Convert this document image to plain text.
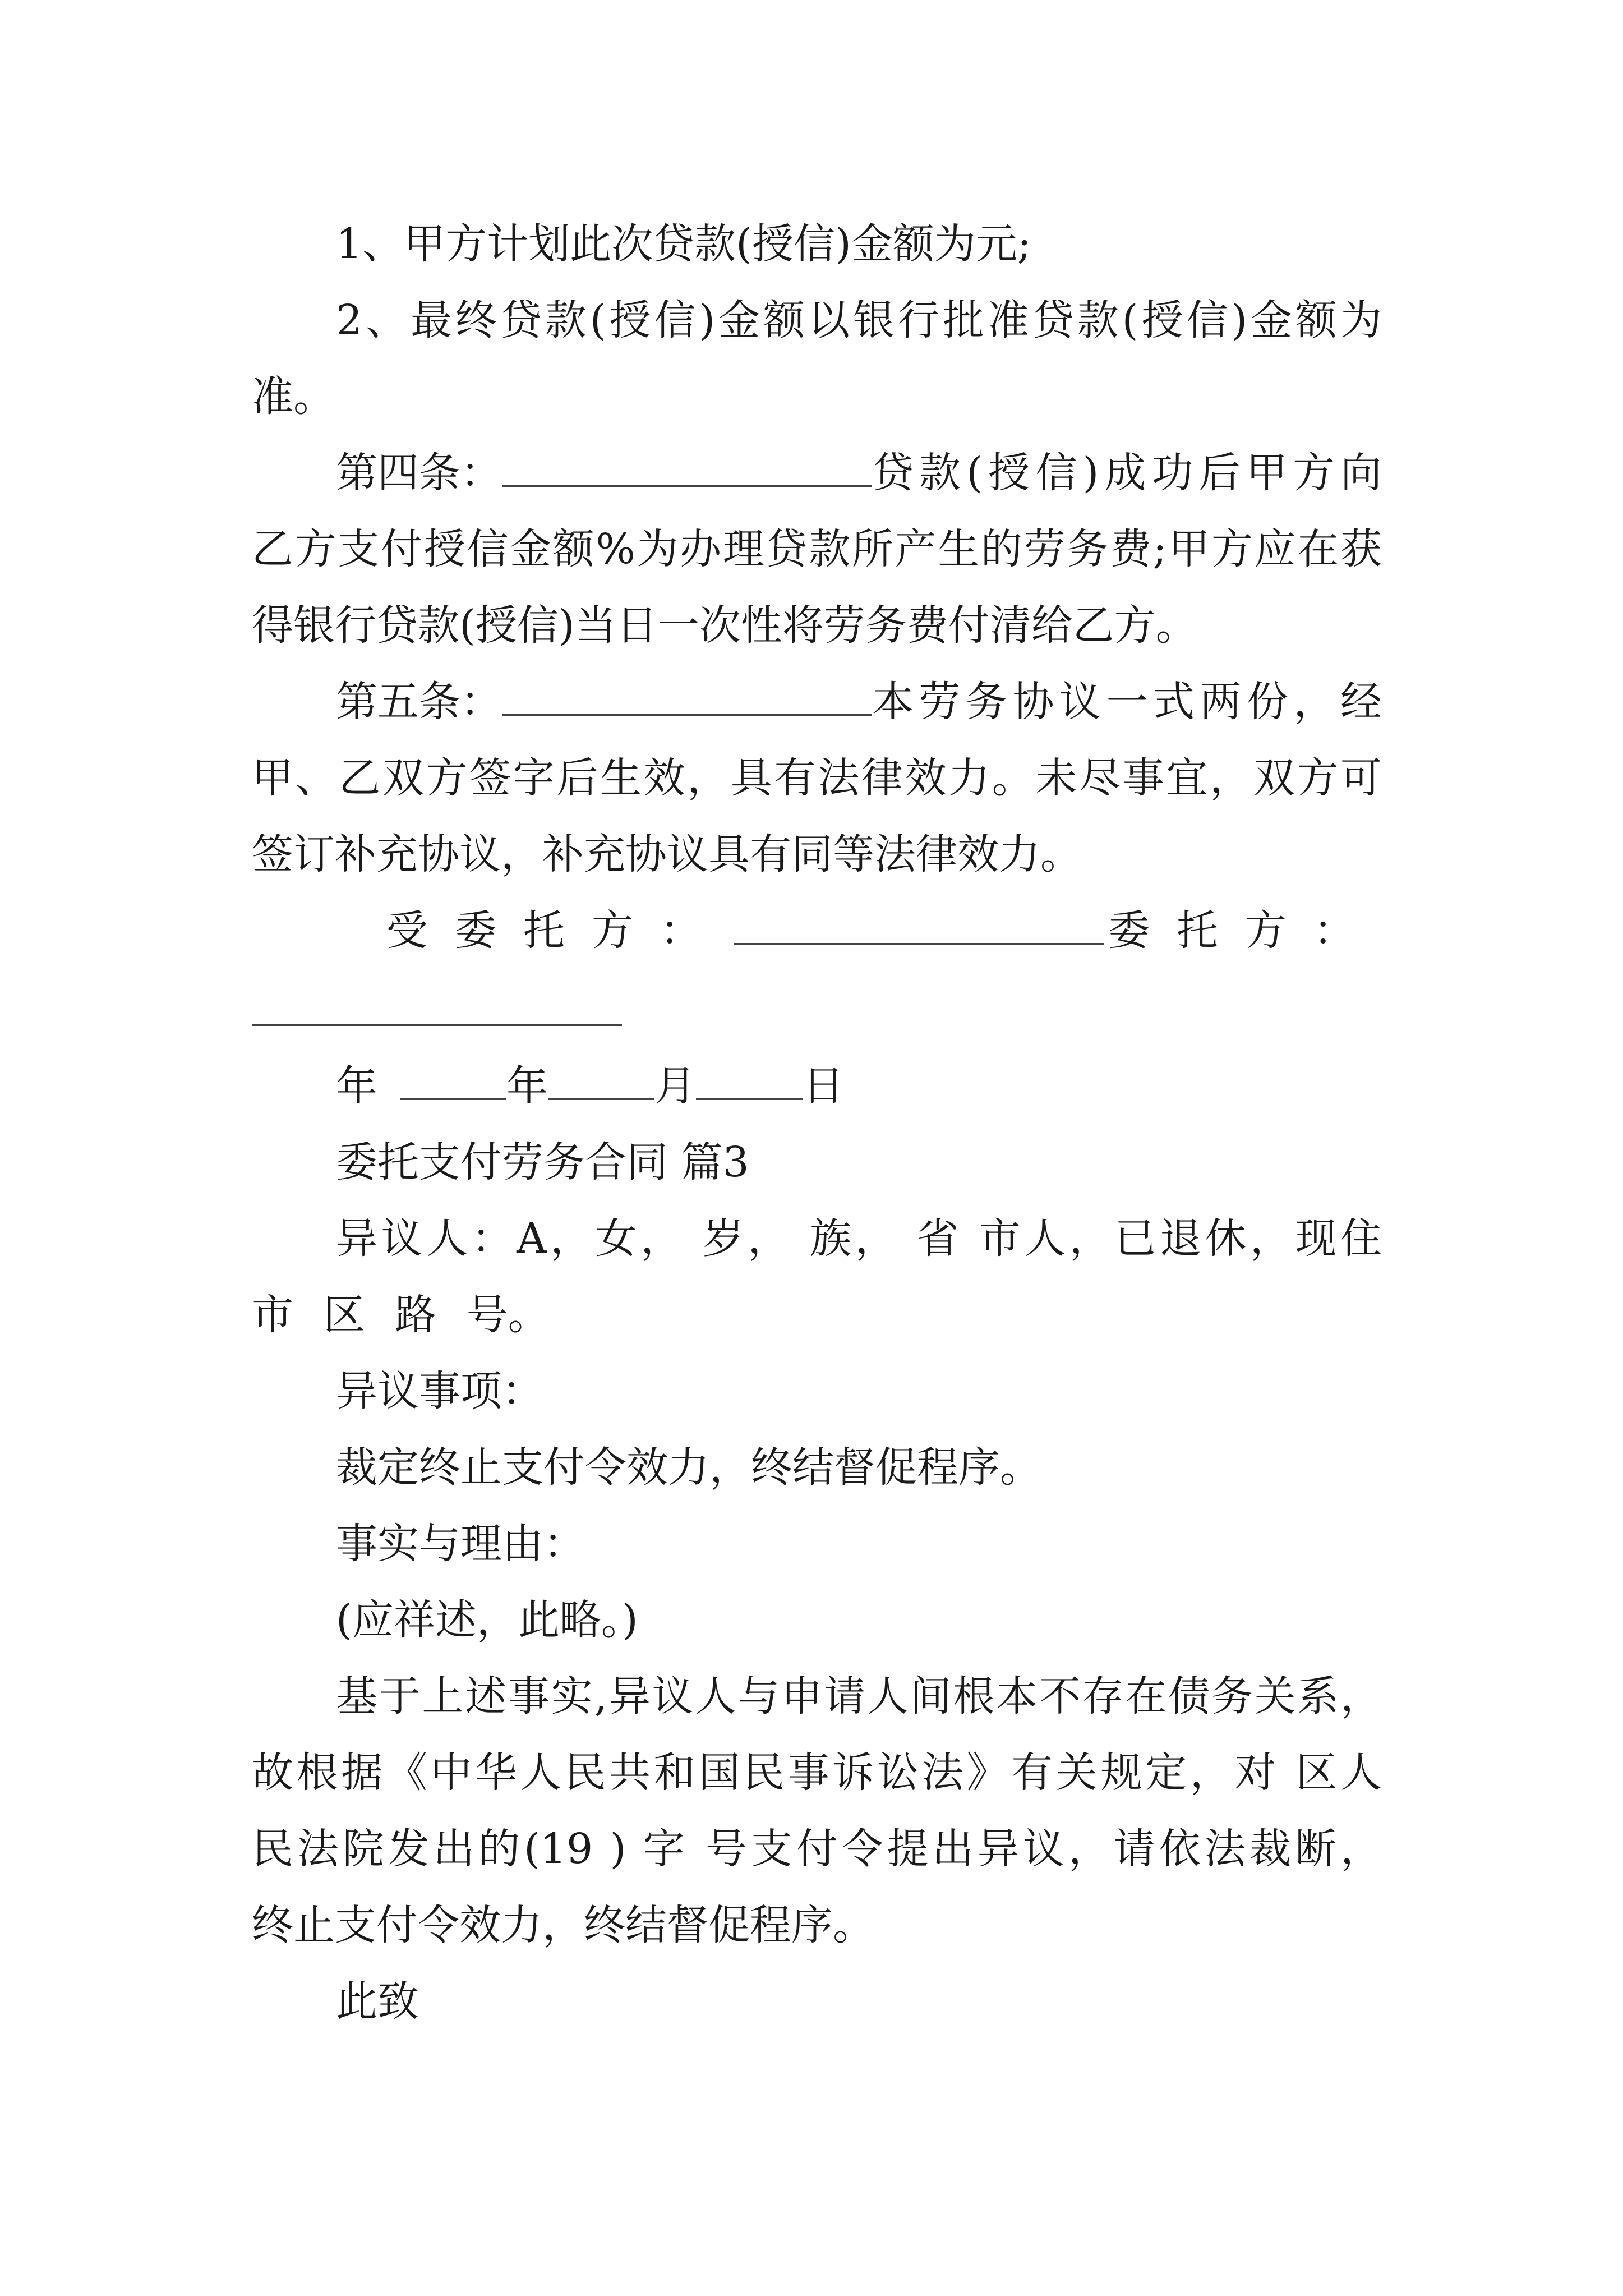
1、甲方计划此次贷款(授信)金额为元;
2、最终贷款(授信)金额以银行批准贷款(授信)金额为
准。
第四条：	贷款(授信)成功后甲方向
乙方支付授信金额%为办理贷款所产生的劳务费;甲方应在获
得银行贷款(授信)当日一次性将劳务费付清给乙方。
第五条：	本劳务协议一式两份，经
甲、乙双方签字后生效，具有法律效力。未尽事宜，双方可
签订补充协议，补充协议具有同等法律效力。
受委托方：	委托方：
年	年	月	日
委托支付劳务合同 篇3
异议人：A，女， 岁， 族， 省 市人，已退休，现住
市 区 路 号。
异议事项：
裁定终止支付令效力，终结督促程序。
事实与理由：
(应祥述，此略。)
基于上述事实,异议人与申请人间根本不存在债务关系，
故根据《中华人民共和国民事诉讼法》有关规定，对 区人
民法院发出的(19 ) 字 号支付令提出异议，请依法裁断，
终止支付令效力，终结督促程序。
此致
